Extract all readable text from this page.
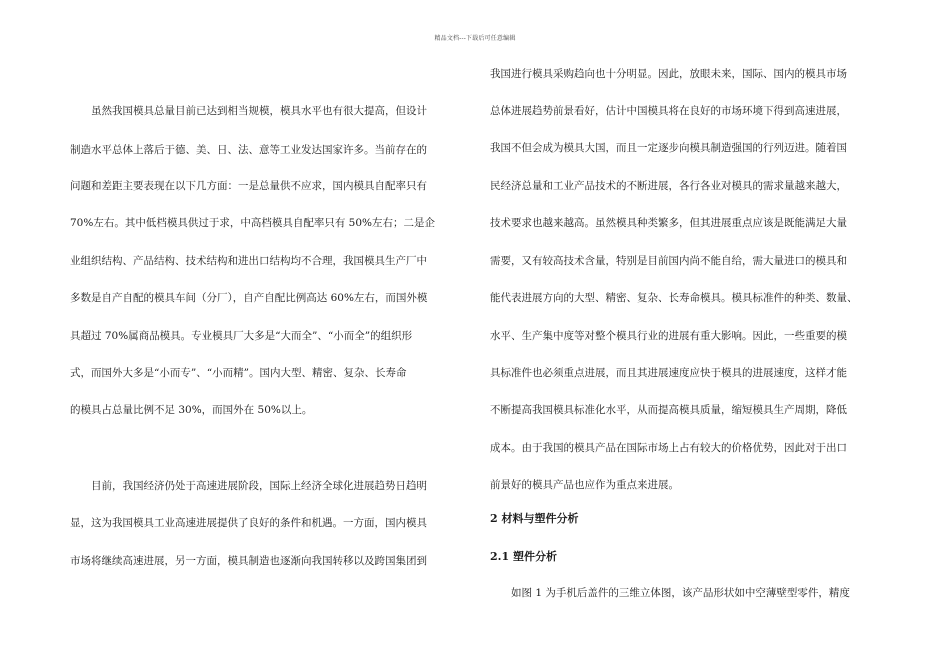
精品文档---下载后可任意编辑
　　虽然我国模具总量目前已达到相当规模，模具水平也有很大提高，但设计
制造水平总体上落后于德、美、日、法、意等工业发达国家许多。当前存在的
问题和差距主要表现在以下几方面：一是总量供不应求，国内模具自配率只有
70%左右。其中低档模具供过于求，中高档模具自配率只有 50%左右；二是企
业组织结构、产品结构、技术结构和进出口结构均不合理，我国模具生产厂中
多数是自产自配的模具车间（分厂），自产自配比例高达 60%左右，而国外模
具超过 70%属商品模具。专业模具厂大多是“大而全”、“小而全”的组织形
式，而国外大多是“小而专”、“小而精”。国内大型、精密、复杂、长寿命
的模具占总量比例不足 30%，而国外在 50%以上。
　　目前，我国经济仍处于高速进展阶段，国际上经济全球化进展趋势日趋明
显，这为我国模具工业高速进展提供了良好的条件和机遇。一方面，国内模具
市场将继续高速进展，另一方面，模具制造也逐渐向我国转移以及跨国集团到
我国进行模具采购趋向也十分明显。因此，放眼未来，国际、国内的模具市场
总体进展趋势前景看好，估计中国模具将在良好的市场环境下得到高速进展，
我国不但会成为模具大国，而且一定逐步向模具制造强国的行列迈进。随着国
民经济总量和工业产品技术的不断进展，各行各业对模具的需求量越来越大，
技术要求也越来越高。虽然模具种类繁多，但其进展重点应该是既能满足大量
需要，又有较高技术含量，特别是目前国内尚不能自给，需大量进口的模具和
能代表进展方向的大型、精密、复杂、长寿命模具。模具标准件的种类、数量、
水平、生产集中度等对整个模具行业的进展有重大影响。因此，一些重要的模
具标准件也必须重点进展，而且其进展速度应快于模具的进展速度，这样才能
不断提高我国模具标准化水平，从而提高模具质量，缩短模具生产周期，降低
成本。由于我国的模具产品在国际市场上占有较大的价格优势，因此对于出口
前景好的模具产品也应作为重点来进展。
2 材料与塑件分析
2.1 塑件分析
　　如图 1 为手机后盖件的三维立体图，该产品形状如中空薄壁型零件，精度
